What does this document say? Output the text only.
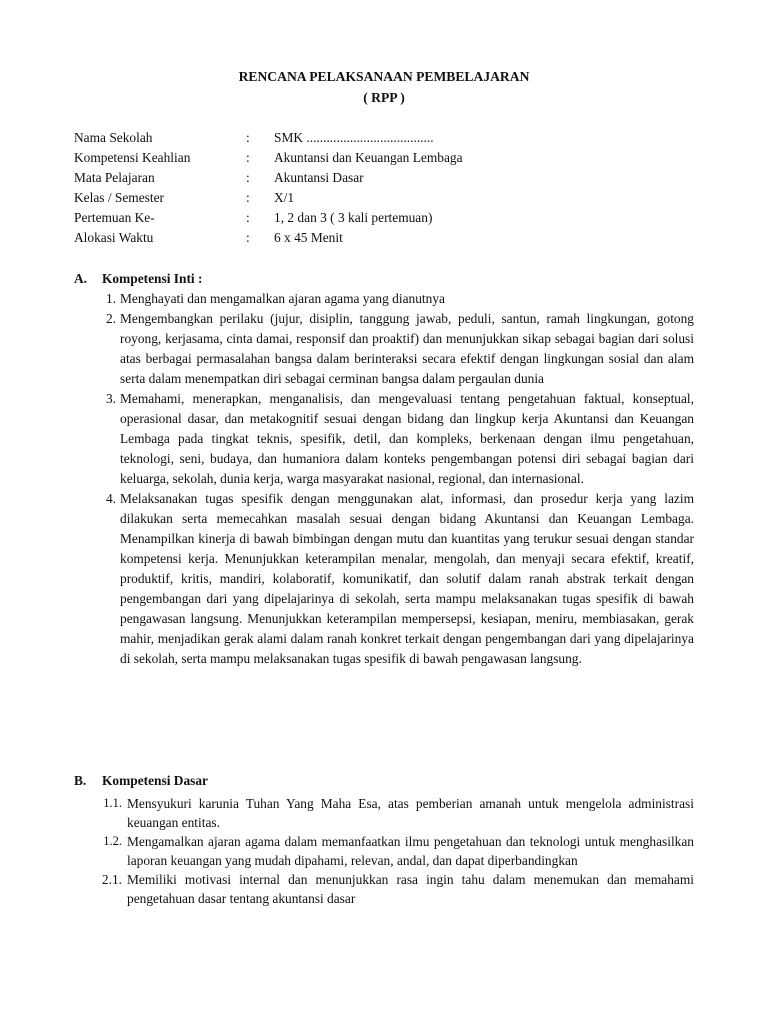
RENCANA PELAKSANAAN PEMBELAJARAN
( RPP )
Nama Sekolah	: SMK ......................................
Kompetensi Keahlian	: Akuntansi dan Keuangan Lembaga
Mata Pelajaran	: Akuntansi Dasar
Kelas / Semester	: X/1
Pertemuan Ke-	: 1, 2 dan 3 ( 3 kali pertemuan)
Alokasi Waktu	: 6 x 45 Menit
A. Kompetensi Inti :
1. Menghayati dan mengamalkan ajaran agama yang dianutnya
2. Mengembangkan perilaku (jujur, disiplin, tanggung jawab, peduli, santun, ramah lingkungan, gotong royong, kerjasama, cinta damai, responsif dan proaktif) dan menunjukkan sikap sebagai bagian dari solusi atas berbagai permasalahan bangsa dalam berinteraksi secara efektif dengan lingkungan sosial dan alam serta dalam menempatkan diri sebagai cerminan bangsa dalam pergaulan dunia
3. Memahami, menerapkan, menganalisis, dan mengevaluasi tentang pengetahuan faktual, konseptual, operasional dasar, dan metakognitif sesuai dengan bidang dan lingkup kerja Akuntansi dan Keuangan Lembaga pada tingkat teknis, spesifik, detil, dan kompleks, berkenaan dengan ilmu pengetahuan, teknologi, seni, budaya, dan humaniora dalam konteks pengembangan potensi diri sebagai bagian dari keluarga, sekolah, dunia kerja, warga masyarakat nasional, regional, dan internasional.
4. Melaksanakan tugas spesifik dengan menggunakan alat, informasi, dan prosedur kerja yang lazim dilakukan serta memecahkan masalah sesuai dengan bidang Akuntansi dan Keuangan Lembaga. Menampilkan kinerja di bawah bimbingan dengan mutu dan kuantitas yang terukur sesuai dengan standar kompetensi kerja. Menunjukkan keterampilan menalar, mengolah, dan menyaji secara efektif, kreatif, produktif, kritis, mandiri, kolaboratif, komunikatif, dan solutif dalam ranah abstrak terkait dengan pengembangan dari yang dipelajarinya di sekolah, serta mampu melaksanakan tugas spesifik di bawah pengawasan langsung. Menunjukkan keterampilan mempersepsi, kesiapan, meniru, membiasakan, gerak mahir, menjadikan gerak alami dalam ranah konkret terkait dengan pengembangan dari yang dipelajarinya di sekolah, serta mampu melaksanakan tugas spesifik di bawah pengawasan langsung.
B. Kompetensi Dasar
1.1. Mensyukuri karunia Tuhan Yang Maha Esa, atas pemberian amanah untuk mengelola administrasi keuangan entitas.
1.2. Mengamalkan ajaran agama dalam memanfaatkan ilmu pengetahuan dan teknologi untuk menghasilkan laporan keuangan yang mudah dipahami, relevan, andal, dan dapat diperbandingkan
2.1. Memiliki motivasi internal dan menunjukkan rasa ingin tahu dalam menemukan dan memahami pengetahuan dasar tentang akuntansi dasar
